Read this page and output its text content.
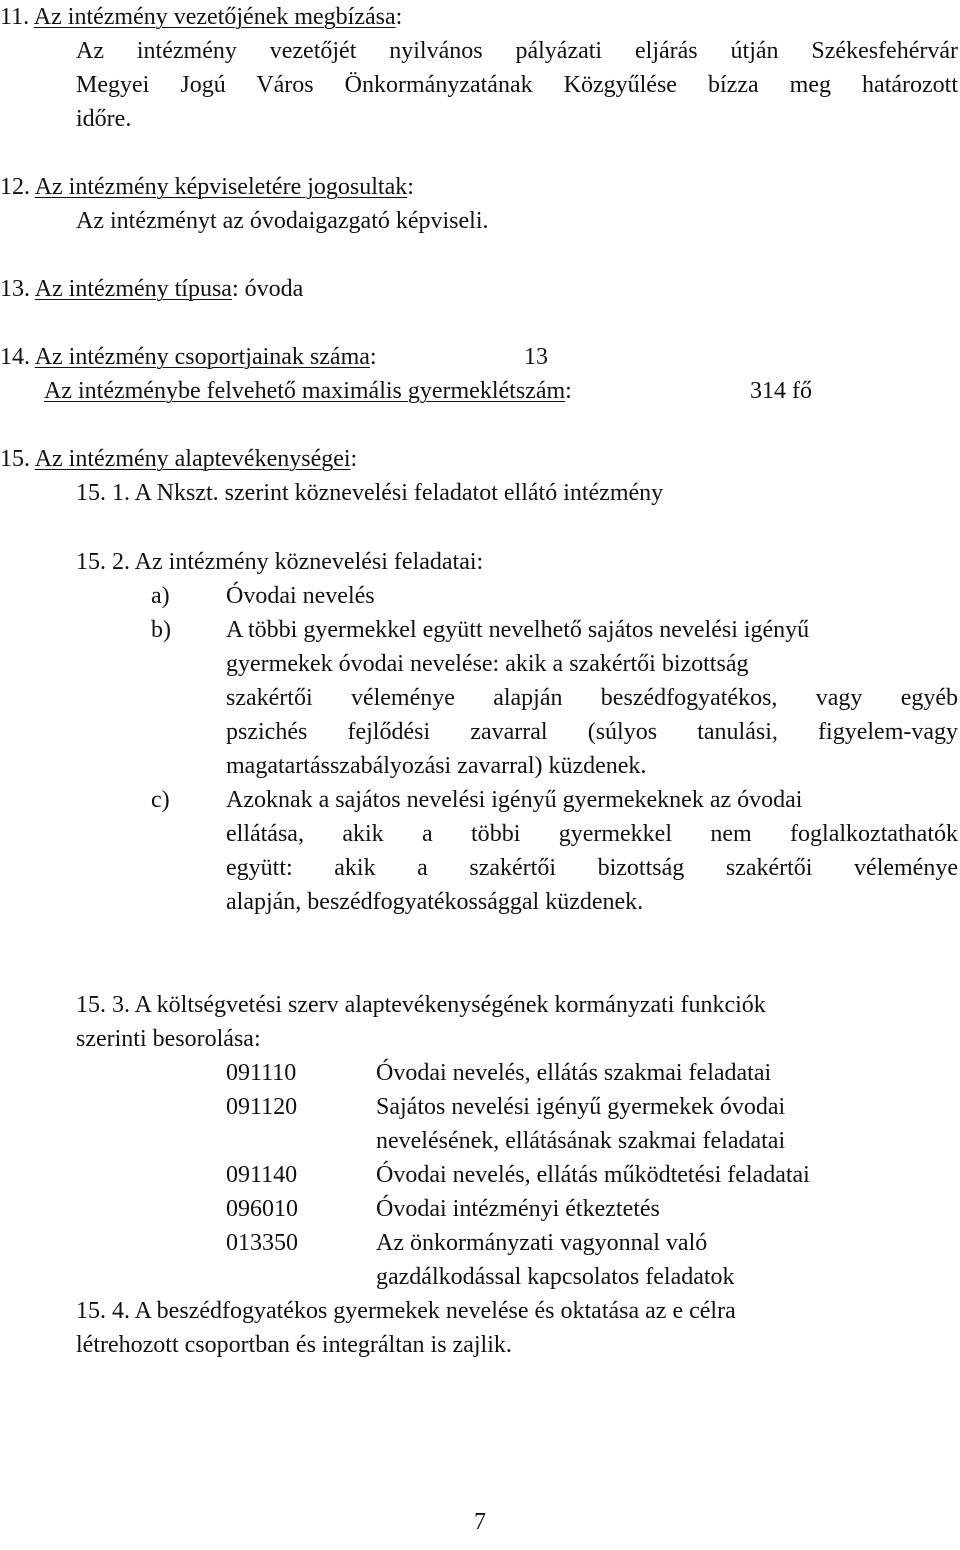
11. Az intézmény vezetőjének megbízása:
Az intézmény vezetőjét nyilvános pályázati eljárás útján Székesfehérvár
Megyei Jogú Város Önkormányzatának Közgyűlése bízza meg határozott
időre.
12. Az intézmény képviseletére jogosultak:
Az intézményt az óvodaigazgató képviseli.
13. Az intézmény típusa: óvoda
14. Az intézmény csoportjainak száma:	13
Az intézménybe felvehető maximális gyermeklétszám:	314 fő
15. Az intézmény alaptevékenységei:
15. 1. A Nkszt. szerint köznevelési feladatot ellátó intézmény
15. 2. Az intézmény köznevelési feladatai:
a) Óvodai nevelés
b) A többi gyermekkel együtt nevelhető sajátos nevelési igényű
gyermekek óvodai nevelése: akik a szakértői bizottság
szakértői véleménye alapján beszédfogyatékos, vagy egyéb
pszichés fejlődési zavarral (súlyos tanulási, figyelem-vagy
magatartásszabályozási zavarral) küzdenek.
c) Azoknak a sajátos nevelési igényű gyermekeknek az óvodai
ellátása, akik a többi gyermekkel nem foglalkoztathatók
együtt: akik a szakértői bizottság szakértői véleménye
alapján, beszédfogyatékossággal küzdenek.
15. 3. A költségvetési szerv alaptevékenységének kormányzati funkciók
szerinti besorolása:
091110	Óvodai nevelés, ellátás szakmai feladatai
091120	Sajátos nevelési igényű gyermekek óvodai
nevelésének, ellátásának szakmai feladatai
091140	Óvodai nevelés, ellátás működtetési feladatai
096010	Óvodai intézményi étkeztetés
013350	Az önkormányzati vagyonnal való
gazdálkodással kapcsolatos feladatok
15. 4. A beszédfogyatékos gyermekek nevelése és oktatása az e célra
létrehozott csoportban és integráltan is zajlik.
7
